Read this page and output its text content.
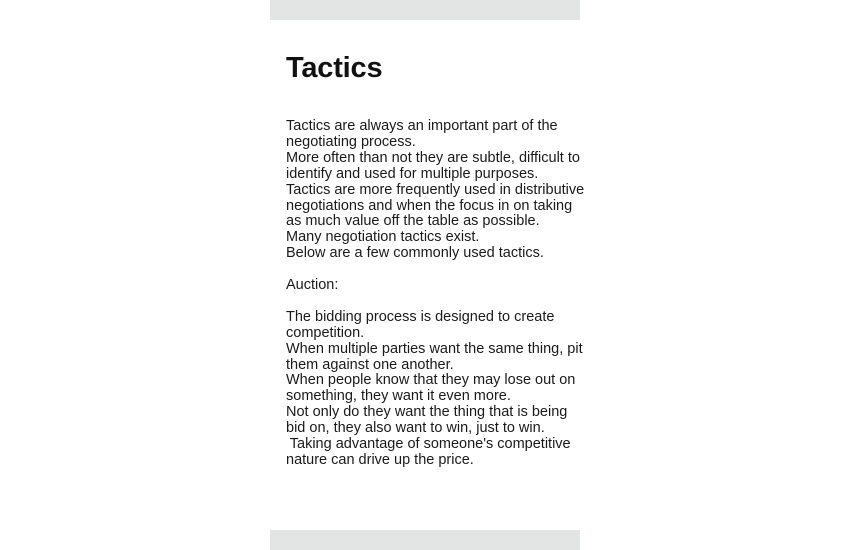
Tactics
Tactics are always an important part of the
negotiating process.
More often than not they are subtle, difficult to
identify and used for multiple purposes.
Tactics are more frequently used in distributive
negotiations and when the focus in on taking
as much value off the table as possible.
Many negotiation tactics exist.
Below are a few commonly used tactics.
Auction:
The bidding process is designed to create
competition.
When multiple parties want the same thing, pit
them against one another.
When people know that they may lose out on
something, they want it even more.
Not only do they want the thing that is being
bid on, they also want to win, just to win.
Taking advantage of someone's competitive
nature can drive up the price.
